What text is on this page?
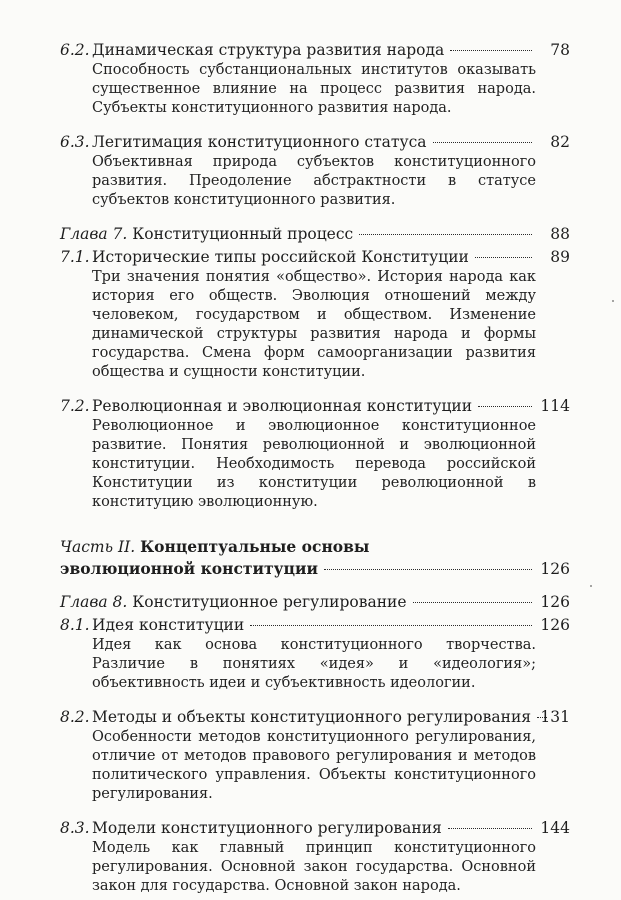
6.2. Динамическая структура развития народа	78
Способность субстанциональных институтов оказывать существенное влияние на процесс развития народа. Субъекты конституционного развития народа.
6.3. Легитимация конституционного статуса	82
Объективная природа субъектов конституционного развития. Преодоление абстрактности в статусе субъектов конституционного развития.
Глава 7. Конституционный процесс	88
7.1. Исторические типы российской Конституции	89
Три значения понятия «общество». История народа как история его обществ. Эволюция отношений между человеком, государством и обществом. Изменение динамической структуры развития народа и формы государства. Смена форм самоорганизации развития общества и сущности конституции.
7.2. Революционная и эволюционная конституции	114
Революционное и эволюционное конституционное развитие. Понятия революционной и эволюционной конституции. Необходимость перевода российской Конституции из конституции революционной в конституцию эволюционную.
Часть II. Концептуальные основы
эволюционной конституции	126
Глава 8. Конституционное регулирование	126
8.1. Идея конституции	126
Идея как основа конституционного творчества. Различие в понятиях «идея» и «идеология»; объективность идеи и субъективность идеологии.
8.2. Методы и объекты конституционного регулирования 131
Особенности методов конституционного регулирования, отличие от методов правового регулирования и методов политического управления. Объекты конституционного регулирования.
8.3. Модели конституционного регулирования	144
Модель как главный принцип конституционного регулирования. Основной закон государства. Основной закон для государства. Основной закон народа.
